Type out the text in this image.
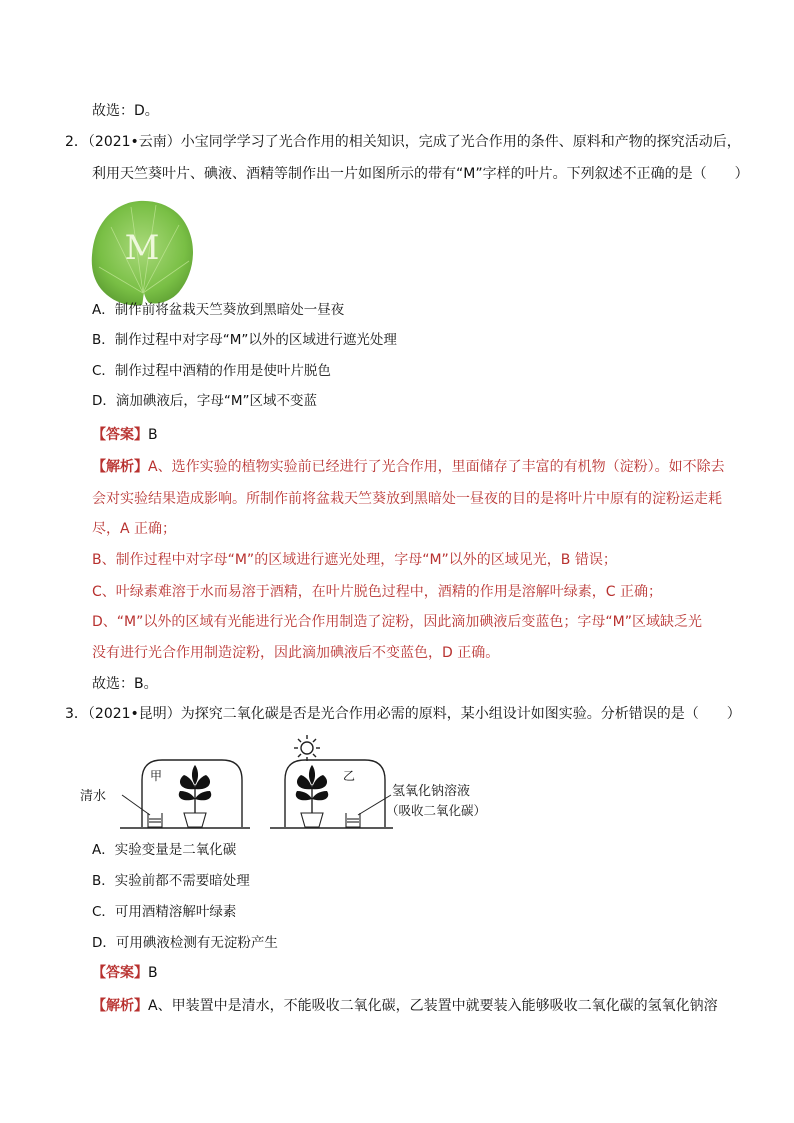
故选：D。
2．（2021•云南）小宝同学学习了光合作用的相关知识，完成了光合作用的条件、原料和产物的探究活动后，
利用天竺葵叶片、碘液、酒精等制作出一片如图所示的带有“M”字样的叶片。下列叙述不正确的是（　　）
M
A．制作前将盆栽天竺葵放到黑暗处一昼夜
B．制作过程中对字母“M”以外的区域进行遮光处理
C．制作过程中酒精的作用是使叶片脱色
D．滴加碘液后，字母“M”区域不变蓝
【答案】B
【解析】A、选作实验的植物实验前已经进行了光合作用，里面储存了丰富的有机物（淀粉）。如不除去
会对实验结果造成影响。所制作前将盆栽天竺葵放到黑暗处一昼夜的目的是将叶片中原有的淀粉运走耗
尽，A 正确；
B、制作过程中对字母“M”的区域进行遮光处理，字母“M”以外的区域见光，B 错误；
C、叶绿素难溶于水而易溶于酒精，在叶片脱色过程中，酒精的作用是溶解叶绿素，C 正确；
D、“M”以外的区域有光能进行光合作用制造了淀粉，因此滴加碘液后变蓝色；字母“M”区域缺乏光
没有进行光合作用制造淀粉，因此滴加碘液后不变蓝色，D 正确。
故选：B。
3．（2021•昆明）为探究二氧化碳是否是光合作用必需的原料，某小组设计如图实验。分析错误的是（　　）
清水
甲	乙
氢氧化钠溶液
（吸收二氧化碳）
A．实验变量是二氧化碳
B．实验前都不需要暗处理
C．可用酒精溶解叶绿素
D．可用碘液检测有无淀粉产生
【答案】B
【解析】A、甲装置中是清水，不能吸收二氧化碳，乙装置中就要装入能够吸收二氧化碳的氢氧化钠溶
